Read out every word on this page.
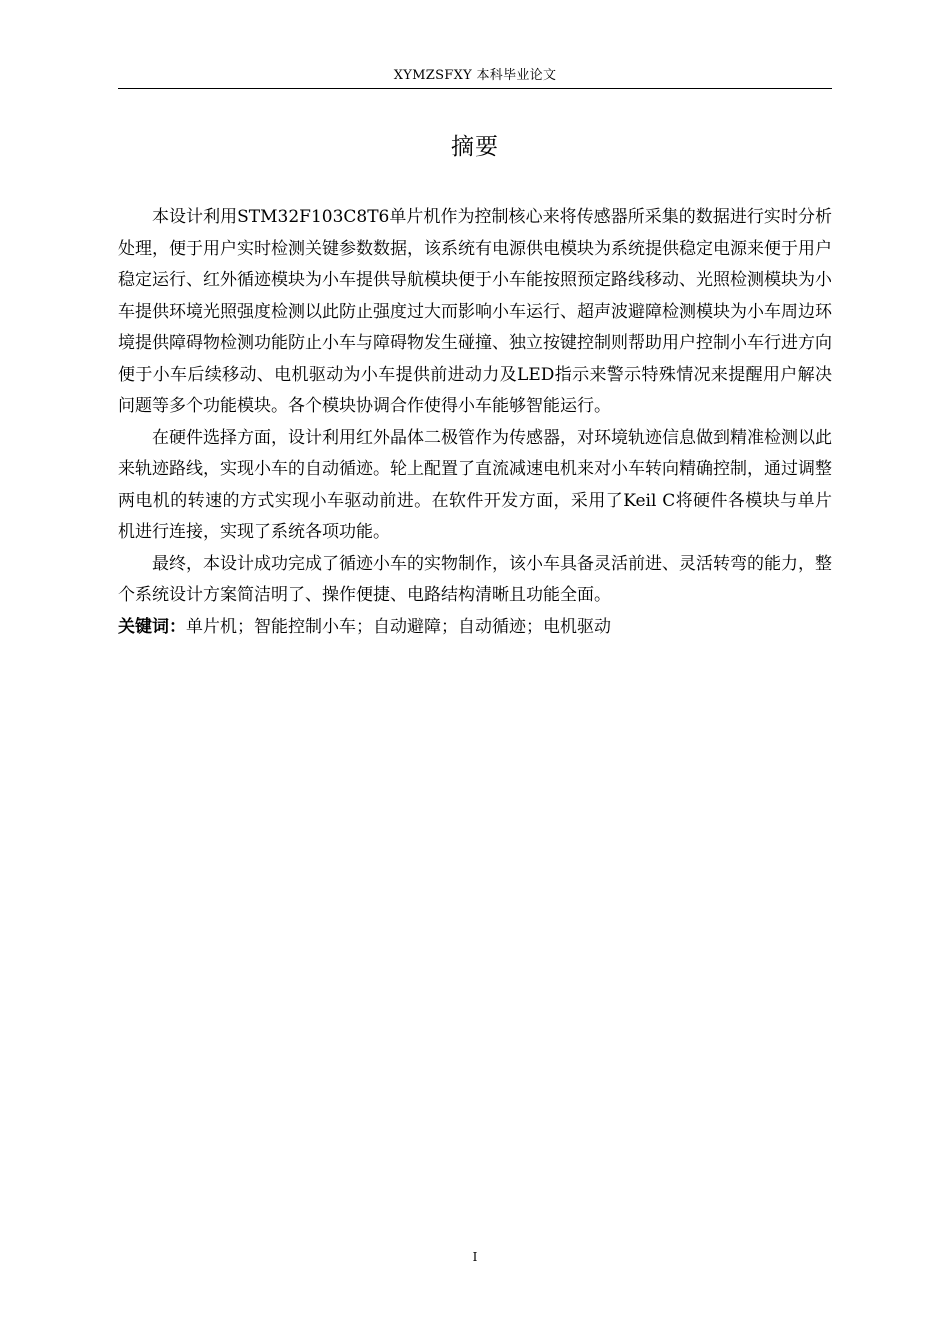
XYMZSFXY 本科毕业论文
摘要

本设计利用STM32F103C8T6单片机作为控制核心来将传感器所采集的数据进行实时分析处理，便于用户实时检测关键参数数据，该系统有电源供电模块为系统提供稳定电源来便于用户稳定运行、红外循迹模块为小车提供导航模块便于小车能按照预定路线移动、光照检测模块为小车提供环境光照强度检测以此防止强度过大而影响小车运行、超声波避障检测模块为小车周边环境提供障碍物检测功能防止小车与障碍物发生碰撞、独立按键控制则帮助用户控制小车行进方向便于小车后续移动、电机驱动为小车提供前进动力及LED指示来警示特殊情况来提醒用户解决问题等多个功能模块。各个模块协调合作使得小车能够智能运行。

在硬件选择方面，设计利用红外晶体二极管作为传感器，对环境轨迹信息做到精准检测以此来轨迹路线，实现小车的自动循迹。轮上配置了直流减速电机来对小车转向精确控制，通过调整两电机的转速的方式实现小车驱动前进。在软件开发方面，采用了Keil C将硬件各模块与单片机进行连接，实现了系统各项功能。

最终，本设计成功完成了循迹小车的实物制作，该小车具备灵活前进、灵活转弯的能力，整个系统设计方案简洁明了、操作便捷、电路结构清晰且功能全面。

关键词：单片机；智能控制小车；自动避障；自动循迹；电机驱动

I
